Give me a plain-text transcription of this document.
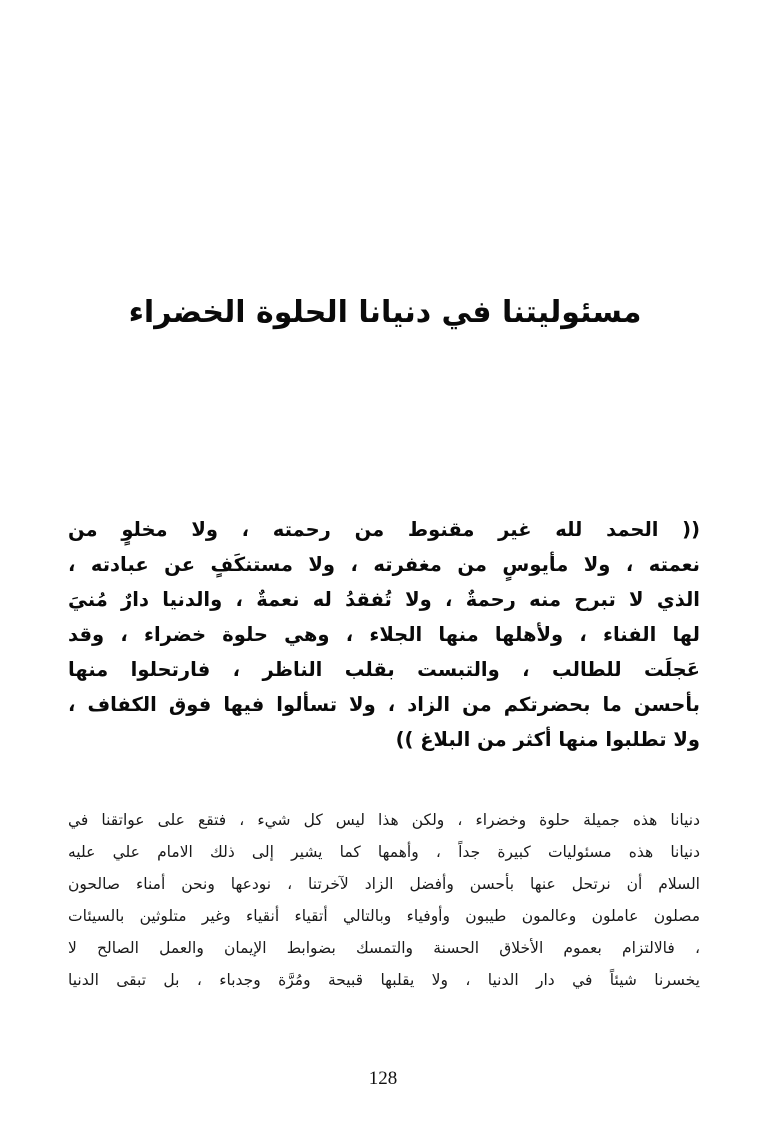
مسئوليتنا في دنيانا الحلوة الخضراء
(( الحمد لله غير مقنوط من رحمته ، ولا مخلوٍ من
نعمته ، ولا مأيوسٍ من مغفرته ، ولا مستنكَفٍ عن عبادته ،
الذي لا تبرح منه رحمةٌ ، ولا تُفقدُ له نعمةٌ ، والدنيا دارٌ مُنيَ
لها الفناء ، ولأهلها منها الجلاء ، وهي حلوة خضراء ، وقد
عَجلَت للطالب ، والتبست بقلب الناظر ، فارتحلوا منها
بأحسن ما بحضرتكم من الزاد ، ولا تسألوا فيها فوق الكفاف ،
ولا تطلبوا منها أكثر من البلاغ ))
دنيانا هذه جميلة حلوة وخضراء ، ولكن هذا ليس كل شيء ، فتقع على عواتقنا في
دنيانا هذه مسئوليات كبيرة جداً ، وأهمها كما يشير إلى ذلك الامام علي عليه
السلام أن نرتحل عنها بأحسن وأفضل الزاد لآخرتنا ، نودعها ونحن أمناء صالحون
مصلون عاملون وعالمون طيبون وأوفياء وبالتالي أتقياء أنقياء وغير متلوثين بالسيئات
، فالالتزام بعموم الأخلاق الحسنة والتمسك بضوابط الإيمان والعمل الصالح لا
يخسرنا شيئاً في دار الدنيا ، ولا يقلبها قبيحة ومُرَّة وجدباء ، بل تبقى الدنيا
128
